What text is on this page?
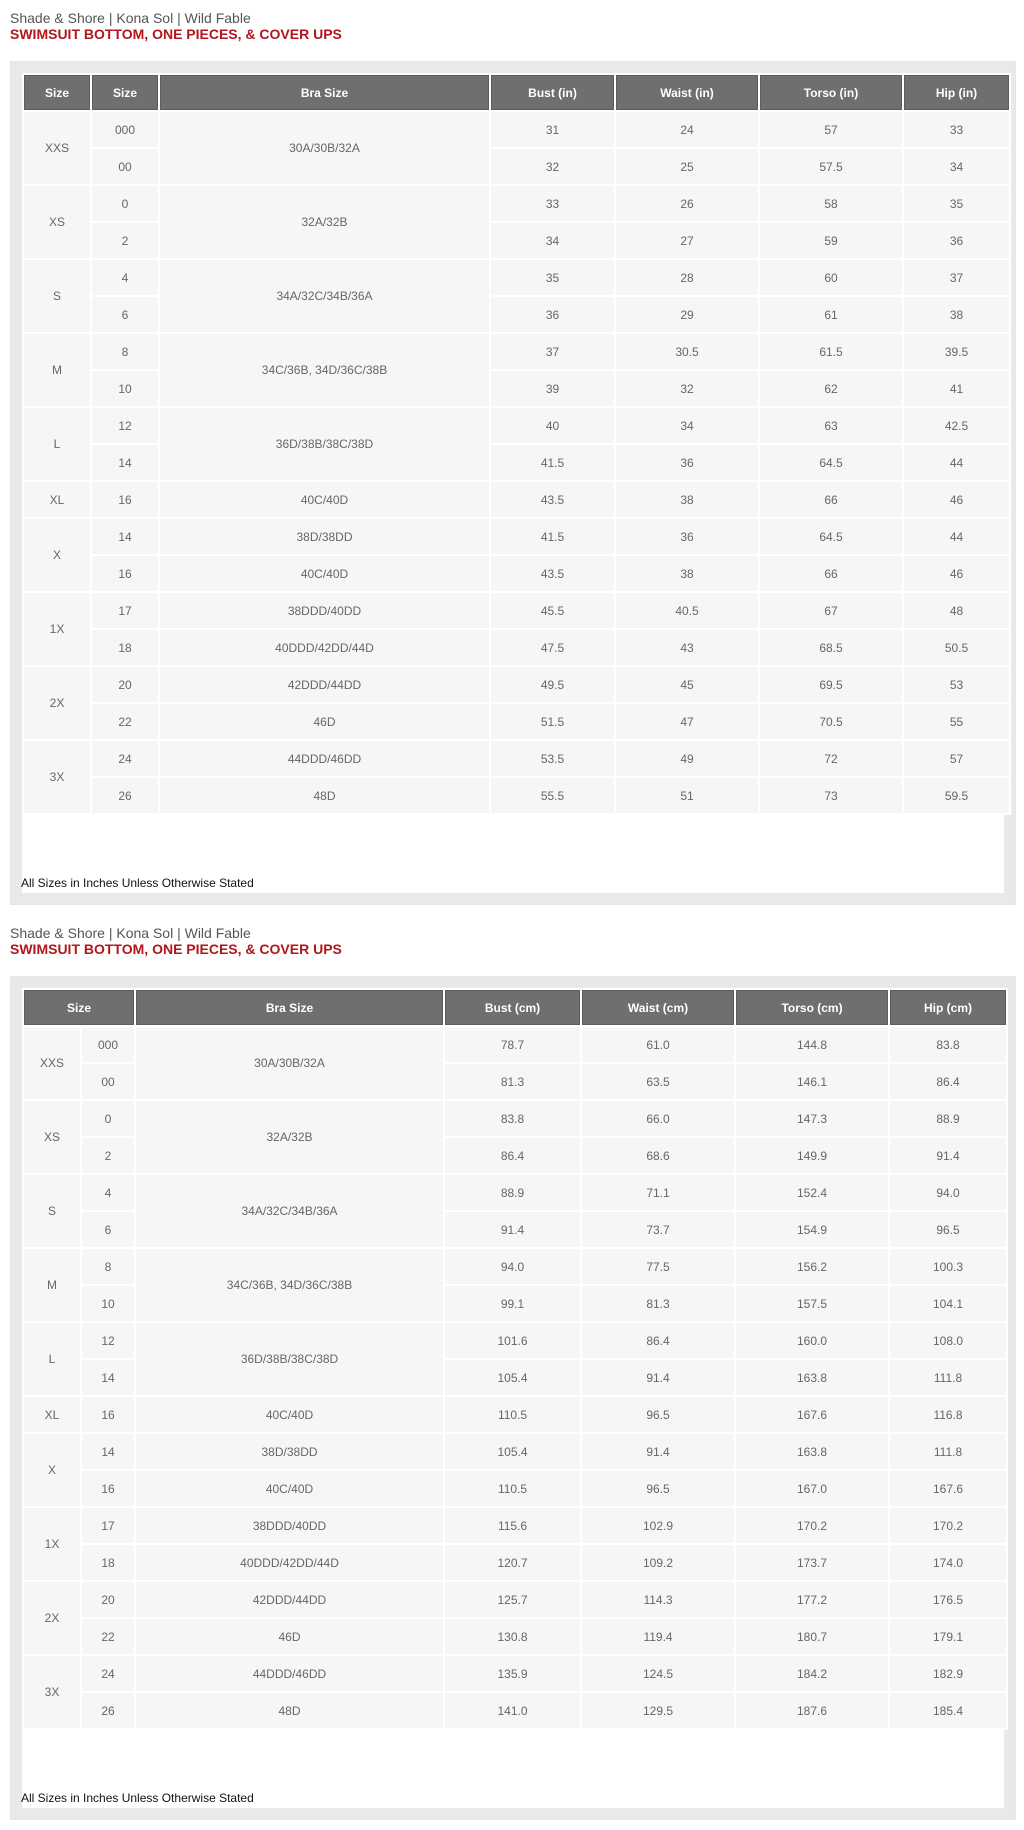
Shade & Shore | Kona Sol | Wild Fable
SWIMSUIT BOTTOM, ONE PIECES, & COVER UPS
Size	Size	Bra Size	Bust (in)	Waist (in)	Torso (in)	Hip (in)
XXS	000	30A/30B/32A	31	24	57	33
	00		32	25	57.5	34
XS	0	32A/32B	33	26	58	35
	2		34	27	59	36
S	4	34A/32C/34B/36A	35	28	60	37
	6		36	29	61	38
M	8	34C/36B, 34D/36C/38B	37	30.5	61.5	39.5
	10		39	32	62	41
L	12	36D/38B/38C/38D	40	34	63	42.5
	14		41.5	36	64.5	44
XL	16	40C/40D	43.5	38	66	46
X	14	38D/38DD	41.5	36	64.5	44
	16	40C/40D	43.5	38	66	46
1X	17	38DDD/40DD	45.5	40.5	67	48
	18	40DDD/42DD/44D	47.5	43	68.5	50.5
2X	20	42DDD/44DD	49.5	45	69.5	53
	22	46D	51.5	47	70.5	55
3X	24	44DDD/46DD	53.5	49	72	57
	26	48D	55.5	51	73	59.5
All Sizes in Inches Unless Otherwise Stated
Shade & Shore | Kona Sol | Wild Fable
SWIMSUIT BOTTOM, ONE PIECES, & COVER UPS
Size		Bra Size	Bust (cm)	Waist (cm)	Torso (cm)	Hip (cm)
XXS	000	30A/30B/32A	78.7	61.0	144.8	83.8
	00		81.3	63.5	146.1	86.4
XS	0	32A/32B	83.8	66.0	147.3	88.9
	2		86.4	68.6	149.9	91.4
S	4	34A/32C/34B/36A	88.9	71.1	152.4	94.0
	6		91.4	73.7	154.9	96.5
M	8	34C/36B, 34D/36C/38B	94.0	77.5	156.2	100.3
	10		99.1	81.3	157.5	104.1
L	12	36D/38B/38C/38D	101.6	86.4	160.0	108.0
	14		105.4	91.4	163.8	111.8
XL	16	40C/40D	110.5	96.5	167.6	116.8
X	14	38D/38DD	105.4	91.4	163.8	111.8
	16	40C/40D	110.5	96.5	167.0	167.6
1X	17	38DDD/40DD	115.6	102.9	170.2	170.2
	18	40DDD/42DD/44D	120.7	109.2	173.7	174.0
2X	20	42DDD/44DD	125.7	114.3	177.2	176.5
	22	46D	130.8	119.4	180.7	179.1
3X	24	44DDD/46DD	135.9	124.5	184.2	182.9
	26	48D	141.0	129.5	187.6	185.4
All Sizes in Inches Unless Otherwise Stated
